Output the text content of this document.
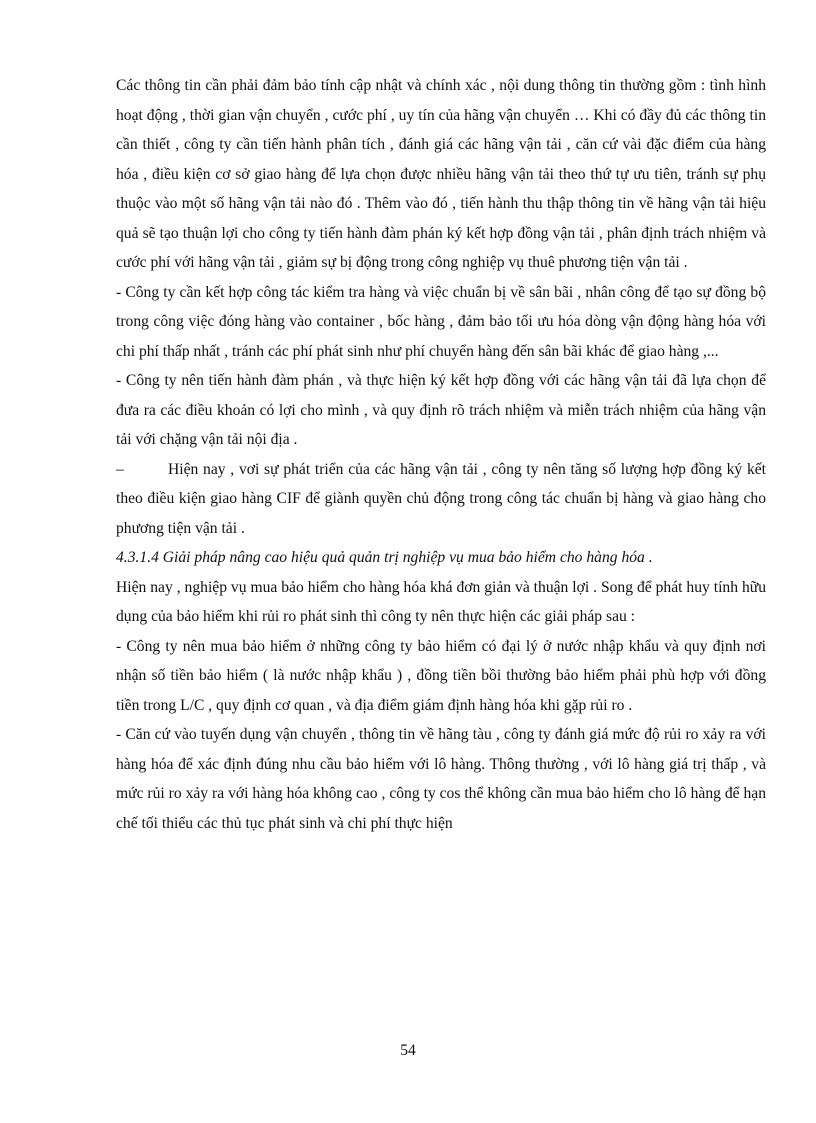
Các thông tin cần phải đảm bảo tính cập nhật và chính xác , nội dung thông tin thường gồm : tình hình hoạt động , thời gian vận chuyển , cước phí , uy tín của hãng vận chuyển … Khi có đầy đủ các thông tin cần thiết , công ty cần tiến hành phân tích , đánh giá các hãng vận tải , căn cứ vài đặc điểm của hàng hóa , điều kiện cơ sở giao hàng để lựa chọn được nhiều hãng vận tải theo thứ tự ưu tiên, tránh sự phụ thuộc vào một số hãng vận tải nào đó . Thêm vào đó , tiến hành thu thập thông tin về hãng vận tải hiệu quả sẽ tạo thuận lợi cho công ty tiến hành đàm phán ký kết hợp đồng vận tải , phân định trách nhiệm và cước phí với hãng vận tải , giảm sự bị động trong công nghiệp vụ thuê phương tiện vận tải .

- Công ty cần kết hợp công tác kiểm tra hàng và việc chuẩn bị về sân bãi , nhân công để tạo sự đồng bộ trong công việc đóng hàng vào container , bốc hàng , đảm bảo tối ưu hóa dòng vận động hàng hóa với chi phí thấp nhất , tránh các phí phát sinh như phí chuyển hàng đến sân bãi khác để giao hàng ,...

- Công ty nên tiến hành đàm phán , và thực hiện ký kết hợp đồng với các hãng vận tải đã lựa chọn để đưa ra các điều khoản có lợi cho mình , và quy định rõ trách nhiệm và miễn trách nhiệm của hãng vận tải với chặng vận tải nội địa .

–	Hiện nay , vơi sự phát triển của các hãng vận tải , công ty nên tăng số lượng hợp đồng ký kết theo điều kiện giao hàng CIF để giành quyền chủ động trong công tác chuẩn bị hàng và giao hàng cho phương tiện vận tải .

4.3.1.4 Giải pháp nâng cao hiệu quả quản trị nghiệp vụ mua bảo hiểm cho hàng hóa .

Hiện nay , nghiệp vụ mua bảo hiểm cho hàng hóa khá đơn giản và thuận lợi . Song để phát huy tính hữu dụng của bảo hiểm khi rủi ro phát sinh thì công ty nên thực hiện các giải pháp sau :

- Công ty nên mua bảo hiểm ở những công ty bảo hiểm có đại lý ở nước nhập khẩu và quy định nơi nhận số tiền bảo hiểm ( là nước nhập khẩu ) , đồng tiền bồi thường bảo hiểm phải phù hợp với đồng tiền trong L/C , quy định cơ quan , và địa điểm giám định hàng hóa khi gặp rủi ro .

- Căn cứ vào tuyến dụng vận chuyển , thông tin về hãng tàu , công ty đánh giá mức độ rủi ro xảy ra với hàng hóa để xác định đúng nhu cầu bảo hiểm với lô hàng. Thông thường , với lô hàng giá trị thấp , và mức rủi ro xảy ra với hàng hóa không cao , công ty cos thể không cần mua bảo hiểm cho lô hàng để hạn chế tối thiểu các thủ tục phát sinh và chi phí thực hiện

54
